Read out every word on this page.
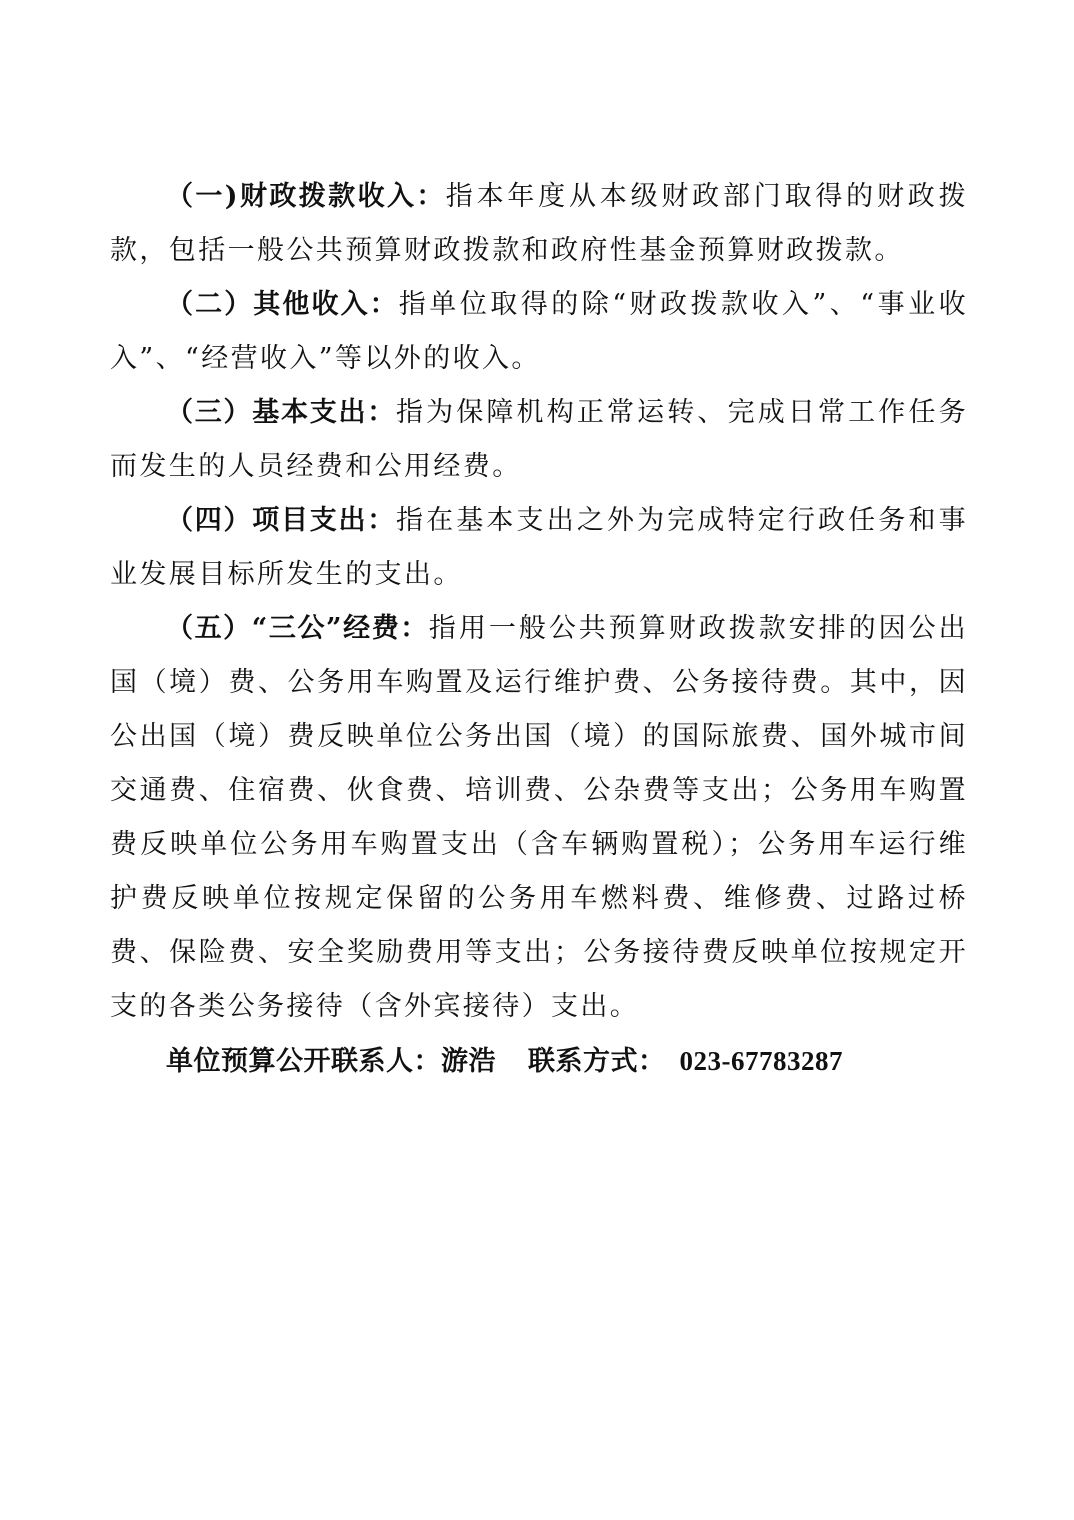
（一)财政拨款收入：指本年度从本级财政部门取得的财政拨款，包括一般公共预算财政拨款和政府性基金预算财政拨款。

（二）其他收入：指单位取得的除“财政拨款收入”、“事业收入”、“经营收入”等以外的收入。

（三）基本支出：指为保障机构正常运转、完成日常工作任务而发生的人员经费和公用经费。

（四）项目支出：指在基本支出之外为完成特定行政任务和事业发展目标所发生的支出。

（五）“三公”经费：指用一般公共预算财政拨款安排的因公出国（境）费、公务用车购置及运行维护费、公务接待费。其中，因公出国（境）费反映单位公务出国（境）的国际旅费、国外城市间交通费、住宿费、伙食费、培训费、公杂费等支出；公务用车购置费反映单位公务用车购置支出（含车辆购置税）；公务用车运行维护费反映单位按规定保留的公务用车燃料费、维修费、过路过桥费、保险费、安全奖励费用等支出；公务接待费反映单位按规定开支的各类公务接待（含外宾接待）支出。

单位预算公开联系人：游浩 联系方式： 023-67783287
